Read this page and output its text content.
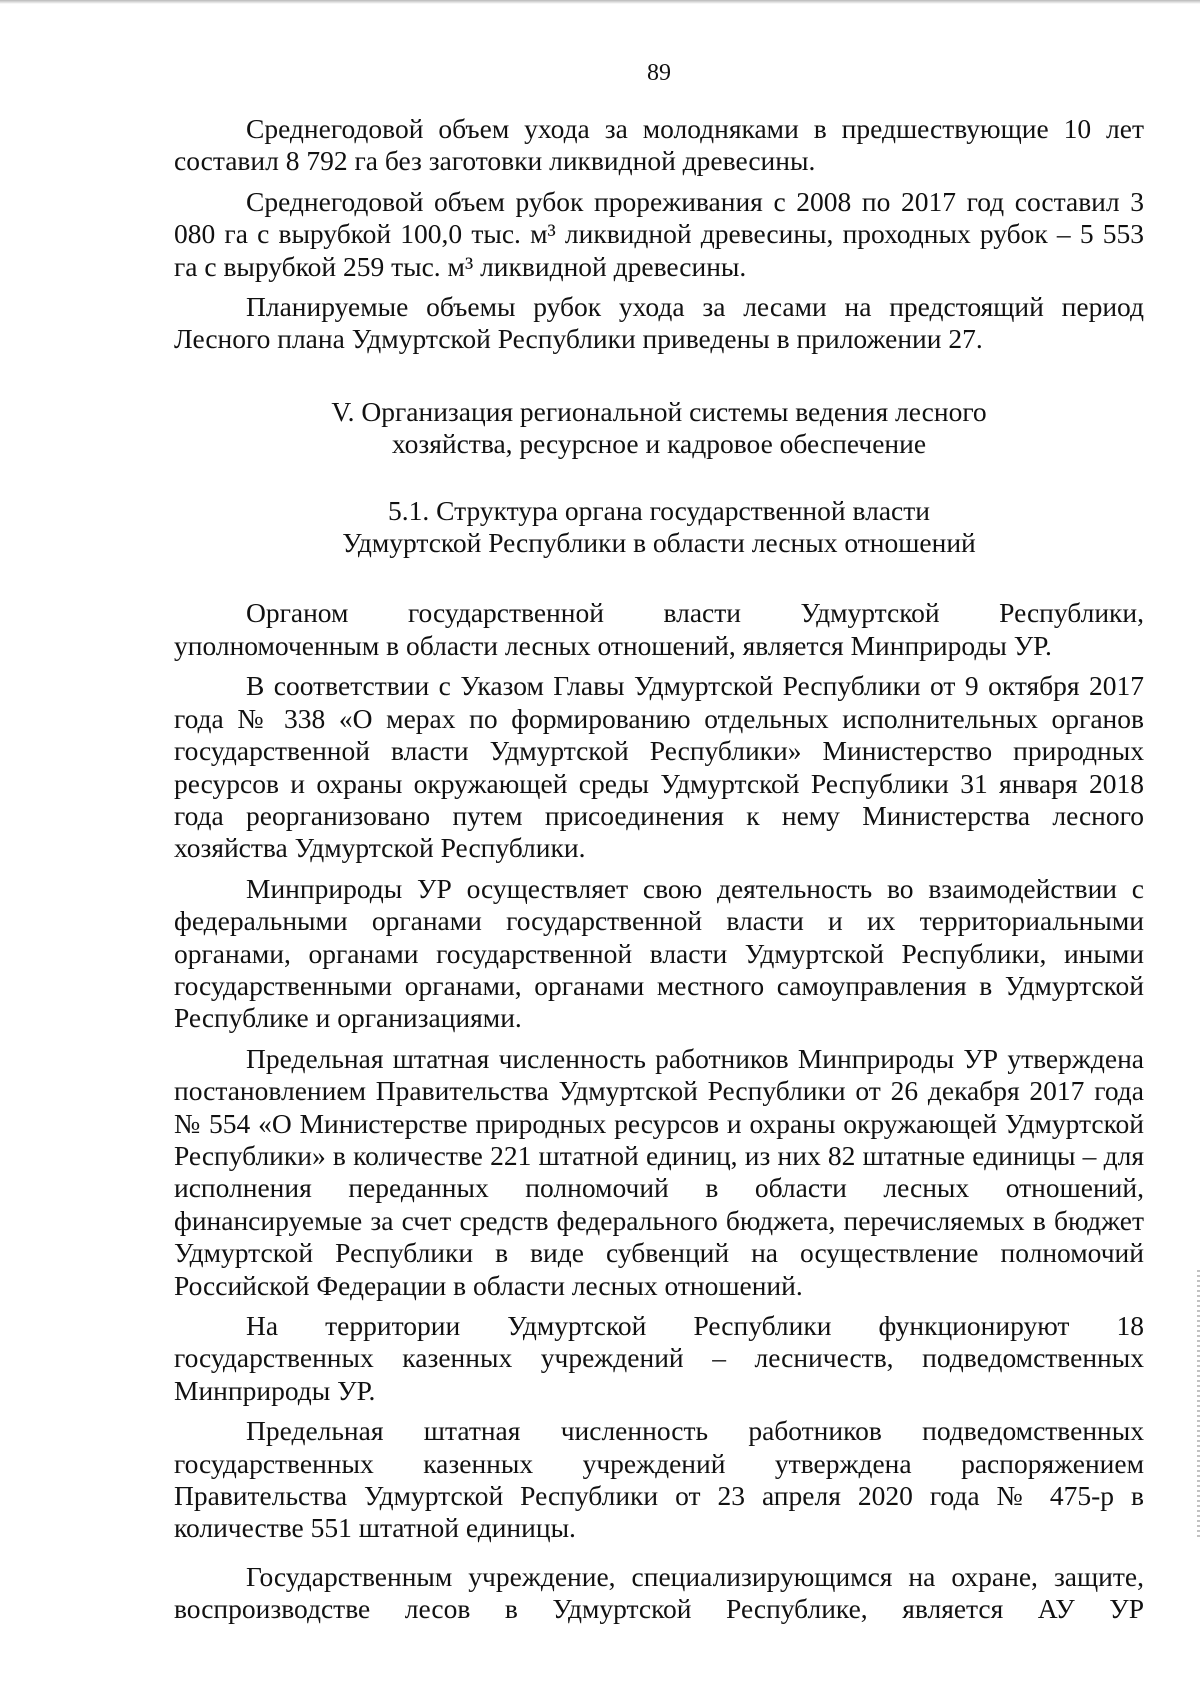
89

Среднегодовой объем ухода за молодняками в предшествующие 10 лет составил 8 792 га без заготовки ликвидной древесины.

Среднегодовой объем рубок прореживания с 2008 по 2017 год составил 3 080 га с вырубкой 100,0 тыс. м³ ликвидной древесины, проходных рубок – 5 553 га с вырубкой 259 тыс. м³ ликвидной древесины.

Планируемые объемы рубок ухода за лесами на предстоящий период Лесного плана Удмуртской Республики приведены в приложении 27.

V. Организация региональной системы ведения лесного

хозяйства, ресурсное и кадровое обеспечение

5.1. Структура органа государственной власти

Удмуртской Республики в области лесных отношений

Органом государственной власти Удмуртской Республики, уполномоченным в области лесных отношений, является Минприроды УР.

В соответствии с Указом Главы Удмуртской Республики от 9 октября 2017 года № 338 «О мерах по формированию отдельных исполнительных органов государственной власти Удмуртской Республики» Министерство природных ресурсов и охраны окружающей среды Удмуртской Республики 31 января 2018 года реорганизовано путем присоединения к нему Министерства лесного хозяйства Удмуртской Республики.

Минприроды УР осуществляет свою деятельность во взаимодействии с федеральными органами государственной власти и их территориальными органами, органами государственной власти Удмуртской Республики, иными государственными органами, органами местного самоуправления в Удмуртской Республике и организациями.

Предельная штатная численность работников Минприроды УР утверждена постановлением Правительства Удмуртской Республики от 26 декабря 2017 года № 554 «О Министерстве природных ресурсов и охраны окружающей Удмуртской Республики» в количестве 221 штатной единиц, из них 82 штатные единицы – для исполнения переданных полномочий в области лесных отношений, финансируемые за счет средств федерального бюджета, перечисляемых в бюджет Удмуртской Республики в виде субвенций на осуществление полномочий Российской Федерации в области лесных отношений.

На территории Удмуртской Республики функционируют 18 государственных казенных учреждений – лесничеств, подведомственных Минприроды УР.

Предельная штатная численность работников подведомственных государственных казенных учреждений утверждена распоряжением Правительства Удмуртской Республики от 23 апреля 2020 года № 475-р в количестве 551 штатной единицы.

Государственным учреждение, специализирующимся на охране, защите, воспроизводстве лесов в Удмуртской Республике, является АУ УР
